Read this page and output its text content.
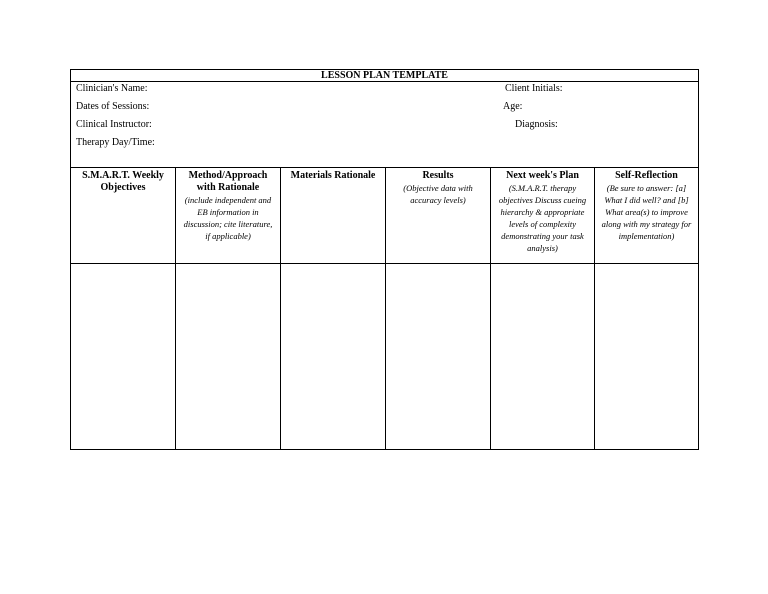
LESSON PLAN TEMPLATE
Clinician's Name:
Dates of Sessions:
Clinical Instructor:
Therapy Day/Time:
Client Initials:
Age:
Diagnosis:
S.M.A.R.T. Weekly Objectives
Method/Approach with Rationale
(include independent and EB information in discussion; cite literature, if applicable)
Materials Rationale	Results
(Objective data with accuracy levels)
Next week's Plan
(S.M.A.R.T. therapy objectives Discuss cueing hierarchy & appropriate levels of complexity demonstrating your task analysis)
Self-Reflection
(Be sure to answer: [a] What I did well? and [b] What area(s) to improve along with my strategy for implementation)
